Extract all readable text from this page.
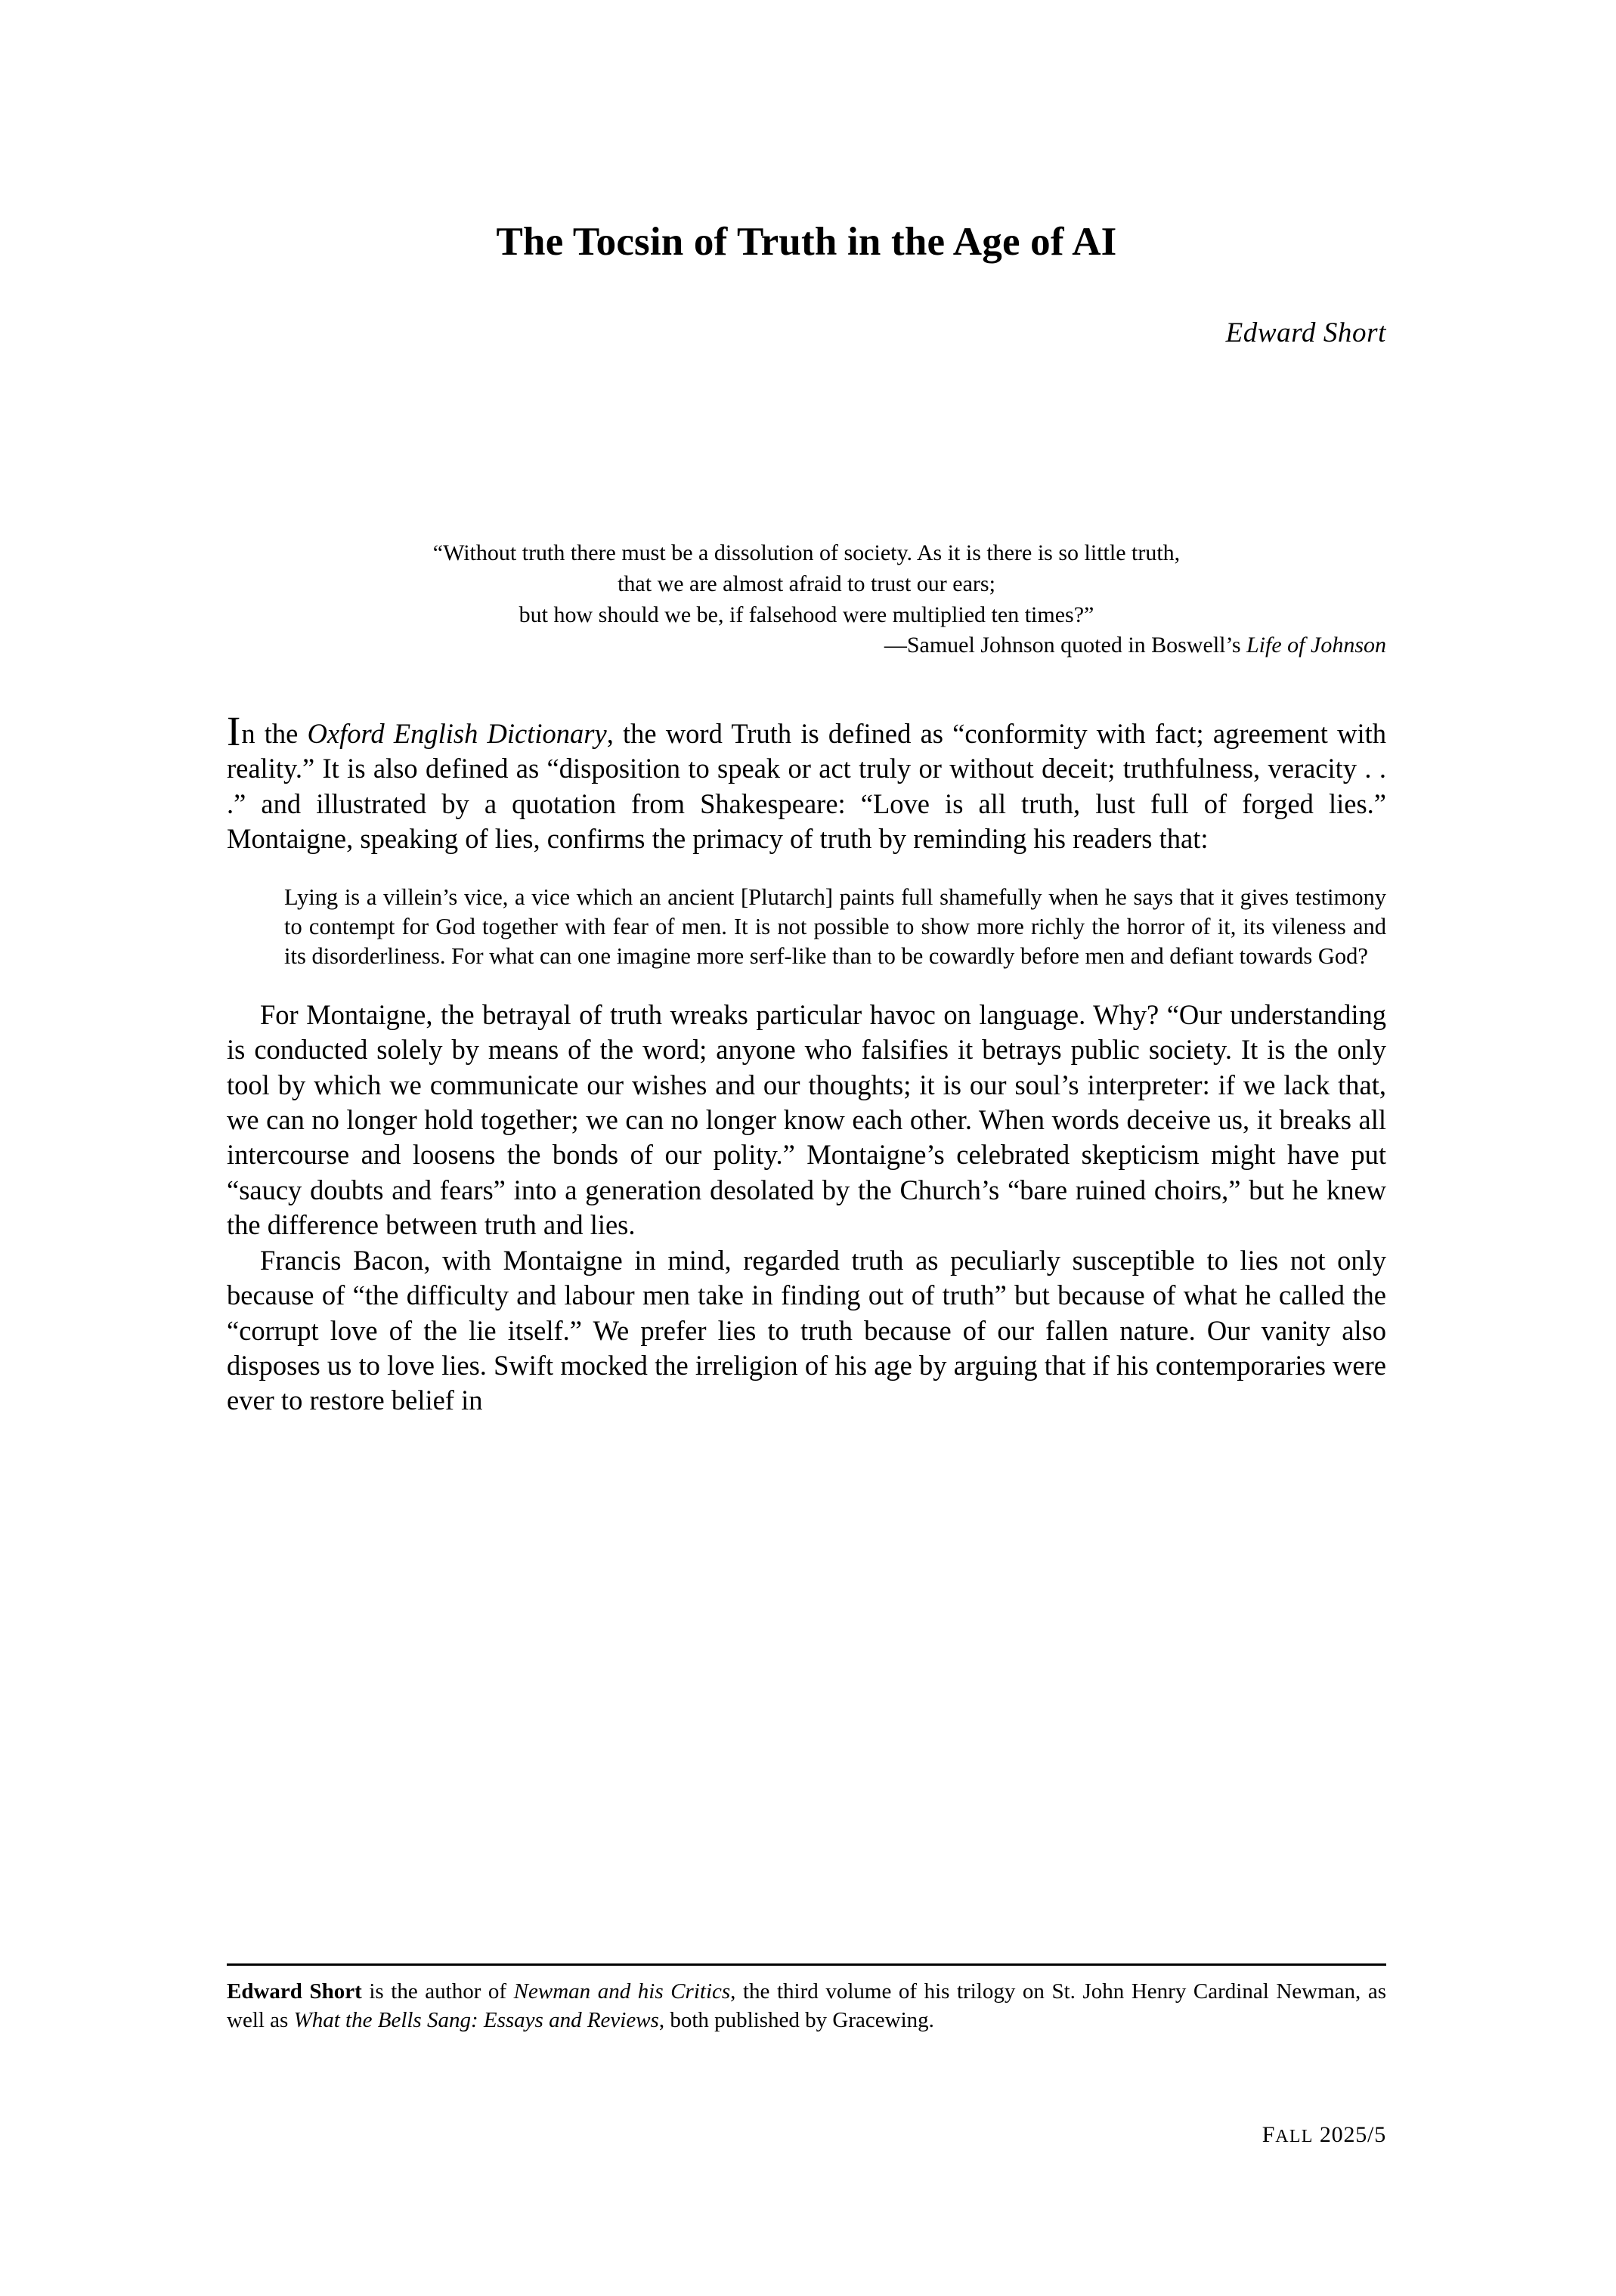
The Tocsin of Truth in the Age of AI
Edward Short
“Without truth there must be a dissolution of society. As it is there is so little truth,
that we are almost afraid to trust our ears;
but how should we be, if falsehood were multiplied ten times?”
—Samuel Johnson quoted in Boswell’s Life of Johnson

In the Oxford English Dictionary, the word Truth is defined as “conformity with fact; agreement with reality.” It is also defined as “disposition to speak or act truly or without deceit; truthfulness, veracity . . .” and illustrated by a quotation from Shakespeare: “Love is all truth, lust full of forged lies.” Montaigne, speaking of lies, confirms the primacy of truth by reminding his readers that:

Lying is a villein’s vice, a vice which an ancient [Plutarch] paints full shamefully when he says that it gives testimony to contempt for God together with fear of men. It is not possible to show more richly the horror of it, its vileness and its disorderliness. For what can one imagine more serf-like than to be cowardly before men and defiant towards God?

For Montaigne, the betrayal of truth wreaks particular havoc on language. Why? “Our understanding is conducted solely by means of the word; anyone who falsifies it betrays public society. It is the only tool by which we communicate our wishes and our thoughts; it is our soul’s interpreter: if we lack that, we can no longer hold together; we can no longer know each other. When words deceive us, it breaks all intercourse and loosens the bonds of our polity.” Montaigne’s celebrated skepticism might have put “saucy doubts and fears” into a generation desolated by the Church’s “bare ruined choirs,” but he knew the difference between truth and lies.

Francis Bacon, with Montaigne in mind, regarded truth as peculiarly susceptible to lies not only because of “the difficulty and labour men take in finding out of truth” but because of what he called the “corrupt love of the lie itself.” We prefer lies to truth because of our fallen nature. Our vanity also disposes us to love lies. Swift mocked the irreligion of his age by arguing that if his contemporaries were ever to restore belief in

Edward Short is the author of Newman and his Critics, the third volume of his trilogy on St. John Henry Cardinal Newman, as well as What the Bells Sang: Essays and Reviews, both published by Gracewing.

FALL 2025/5
